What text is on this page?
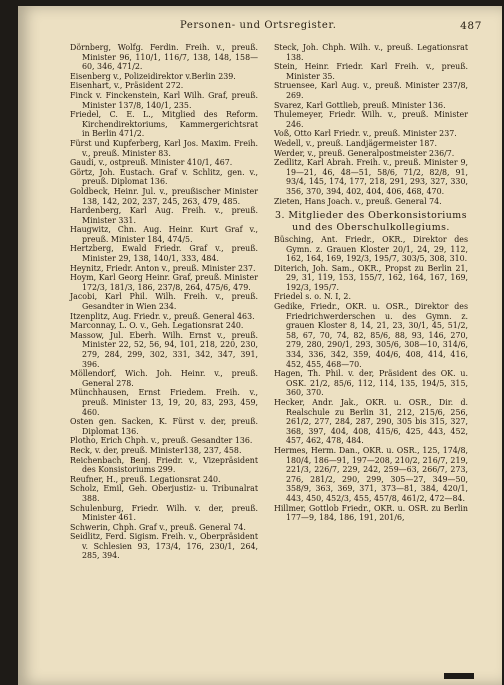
Personen- und Ortsregister.	487

Dörnberg, Wolfg. Ferdin. Freih. v., preuß. Minister 96, 110/1, 116/7, 138, 148, 158—60, 346, 471/2.

Eisenberg v., Polizeidirektor v.Berlin 239.

Eisenhart, v., Präsident 272.

Finck v. Finckenstein, Karl Wilh. Graf, preuß. Minister 137/8, 140/1, 235.

Friedel, C. E. L., Mitglied des Reform. Kirchendirektoriums, Kammergerichtsrat in Berlin 471/2.

Fürst und Kupferberg, Karl Jos. Maxim. Freih. v., preuß. Minister 83.

Gaudi, v., ostpreuß. Minister 410/1, 467.

Görtz, Joh. Eustach. Graf v. Schlitz, gen. v., preuß. Diplomat 136.

Goldbeck, Heinr. Jul. v., preußischer Minister 138, 142, 202, 237, 245, 263, 479, 485.

Hardenberg, Karl Aug. Freih. v., preuß. Minister 331.

Haugwitz, Chn. Aug. Heinr. Kurt Graf v., preuß. Minister 184, 474/5.

Hertzberg, Ewald Friedr. Graf v., preuß. Minister 29, 138, 140/1, 333, 484.

Heynitz, Friedr. Anton v., preuß. Minister 237.

Hoym, Karl Georg Heinr. Graf, preuß. Minister 172/3, 181/3, 186, 237/8, 264, 475/6, 479.

Jacobi, Karl Phil. Wilh. Freih. v., preuß. Gesandter in Wien 234.

Itzenplitz, Aug. Friedr. v., preuß. General 463.

Marconnay, L. O. v., Geh. Legationsrat 240.

Massow, Jul. Eberh. Wilh. Ernst v., preuß. Minister 22, 52, 56, 94, 101, 218, 220, 230, 279, 284, 299, 302, 331, 342, 347, 391, 396.

Möllendorf, Wich. Joh. Heinr. v., preuß. General 278.

Münchhausen, Ernst Friedem. Freih. v., preuß. Minister 13, 19, 20, 83, 293, 459, 460.

Osten gen. Sacken, K. Fürst v. der, preuß. Diplomat 136.

Plotho, Erich Chph. v., preuß. Gesandter 136.

Reck, v. der, preuß. Minister138, 237, 458.

Reichenbach, Benj. Friedr. v., Vizepräsident des Konsistoriums 299.

Reufner, H., preuß. Legationsrat 240.

Scholz, Emil, Geh. Oberjustiz- u. Tribunalrat 388.

Schulenburg, Friedr. Wilh. v. der, preuß. Minister 461.

Schwerin, Chph. Graf v., preuß. General 74.

Seidlitz, Ferd. Sigism. Freih. v., Oberpräsident v. Schlesien 93, 173/4, 176, 230/1, 264, 285, 394.

Steck, Joh. Chph. Wilh. v., preuß. Legationsrat 138.

Stein, Heinr. Friedr. Karl Freih. v., preuß. Minister 35.

Struensee, Karl Aug. v., preuß. Minister 237/8, 269.

Svarez, Karl Gottlieb, preuß. Minister 136.

Thulemeyer, Friedr. Wilh. v., preuß. Minister 246.

Voß, Otto Karl Friedr. v., preuß. Minister 237.

Wedell, v., preuß. Landjägermeister 187.

Werder, v., preuß. Generalpostmeister 236/7.

Zedlitz, Karl Abrah. Freih. v., preuß. Minister 9, 19—21, 46, 48—51, 58/6, 71/2, 82/8, 91, 93/4, 145, 174, 177, 218, 291, 293, 327, 330, 356, 370, 394, 402, 404, 406, 468, 470.

Zieten, Hans Joach. v., preuß. General 74.

3. Mitglieder des Oberkonsistoriums und des Oberschulkollegiums.

Büsching, Ant. Friedr., OKR., Direktor des Gymn. z. Grauen Kloster 20/1, 24, 29, 112, 162, 164, 169, 192/3, 195/7, 303/5, 308, 310.

Diterich, Joh. Sam., OKR., Propst zu Berlin 21, 29, 31, 119, 153, 155/7, 162, 164, 167, 169, 192/3, 195/7.

Friedel s. o. N. I, 2.

Gedike, Friedr., OKR. u. OSR., Direktor des Friedrichwerderschen u. des Gymn. z. grauen Kloster 8, 14, 21, 23, 30/1, 45, 51/2, 58, 67, 70, 74, 82, 85/6, 88, 93, 146, 270, 279, 280, 290/1, 293, 305/6, 308—10, 314/6, 334, 336, 342, 359, 404/6, 408, 414, 416, 452, 455, 468—70.

Hagen, Th. Phil. v. der, Präsident des OK. u. OSK. 21/2, 85/6, 112, 114, 135, 194/5, 315, 360, 370.

Hecker, Andr. Jak., OKR. u. OSR., Dir. d. Realschule zu Berlin 31, 212, 215/6, 256, 261/2, 277, 284, 287, 290, 305 bis 315, 327, 368, 397, 404, 408, 415/6, 425, 443, 452, 457, 462, 478, 484.

Hermes, Herm. Dan., OKR. u. OSR., 125, 174/8, 180/4, 186—91, 197—208, 210/2, 216/7, 219, 221/3, 226/7, 229, 242, 259—63, 266/7, 273, 276, 281/2, 290, 299, 305—27, 349—50, 358/9, 363, 369, 371, 373—81, 384, 420/1, 443, 450, 452/3, 455, 457/8, 461/2, 472—84.

Hillmer, Gottlob Friedr., OKR. u. OSR. zu Berlin 177—9, 184, 186, 191, 201/6,
